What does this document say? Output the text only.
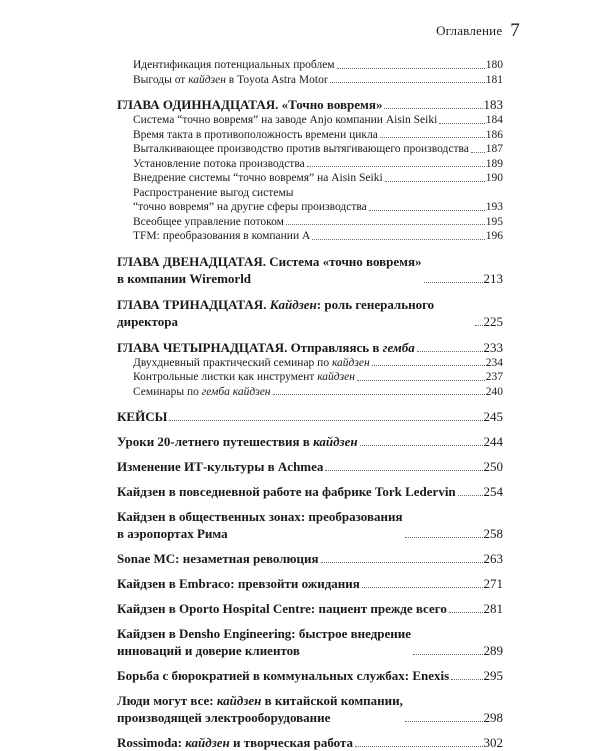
Оглавление 7
Идентификация потенциальных проблем	180
Выгоды от кайдзен в Toyota Astra Motor	181
ГЛАВА ОДИННАДЦАТАЯ. «Точно вовремя»	183
Система “точно вовремя” на заводе Anjo компании Aisin Seiki	184
Время такта в противоположность времени цикла	186
Выталкивающее производство против вытягивающего производства 187
Установление потока производства	189
Внедрение системы “точно вовремя” на Aisin Seiki	190
Распространение выгод системы
“точно вовремя” на другие сферы производства	193
Всеобщее управление потоком	195
TFM: преобразования в компании A	196
ГЛАВА ДВЕНАДЦАТАЯ. Система «точно вовремя»
в компании Wiremorld	213
ГЛАВА ТРИНАДЦАТАЯ. Кайдзен: роль генерального директора	225
ГЛАВА ЧЕТЫРНАДЦАТАЯ. Отправляясь в гемба	233
Двухдневный практический семинар по кайдзен	234
Контрольные листки как инструмент кайдзен	237
Семинары по гемба кайдзен	240
КЕЙСЫ	245
Уроки 20-летнего путешествия в кайдзен	244
Изменение ИТ-культуры в Achmea	250
Кайдзен в повседневной работе на фабрике Tork Ledervin 254
Кайдзен в общественных зонах: преобразования
в аэропортах Рима	258
Sonae MC: незаметная революция	263
Кайдзен в Embraco: превзойти ожидания	271
Кайдзен в Oporto Hospital Centre: пациент прежде всего	281
Кайдзен в Densho Engineering: быстрое внедрение
инноваций и доверие клиентов	289
Борьба с бюрократией в коммунальных службах: Enexis	295
Люди могут все: кайдзен в китайской компании,
производящей электрооборудование	298
Rossimoda: кайдзен и творческая работа	302
